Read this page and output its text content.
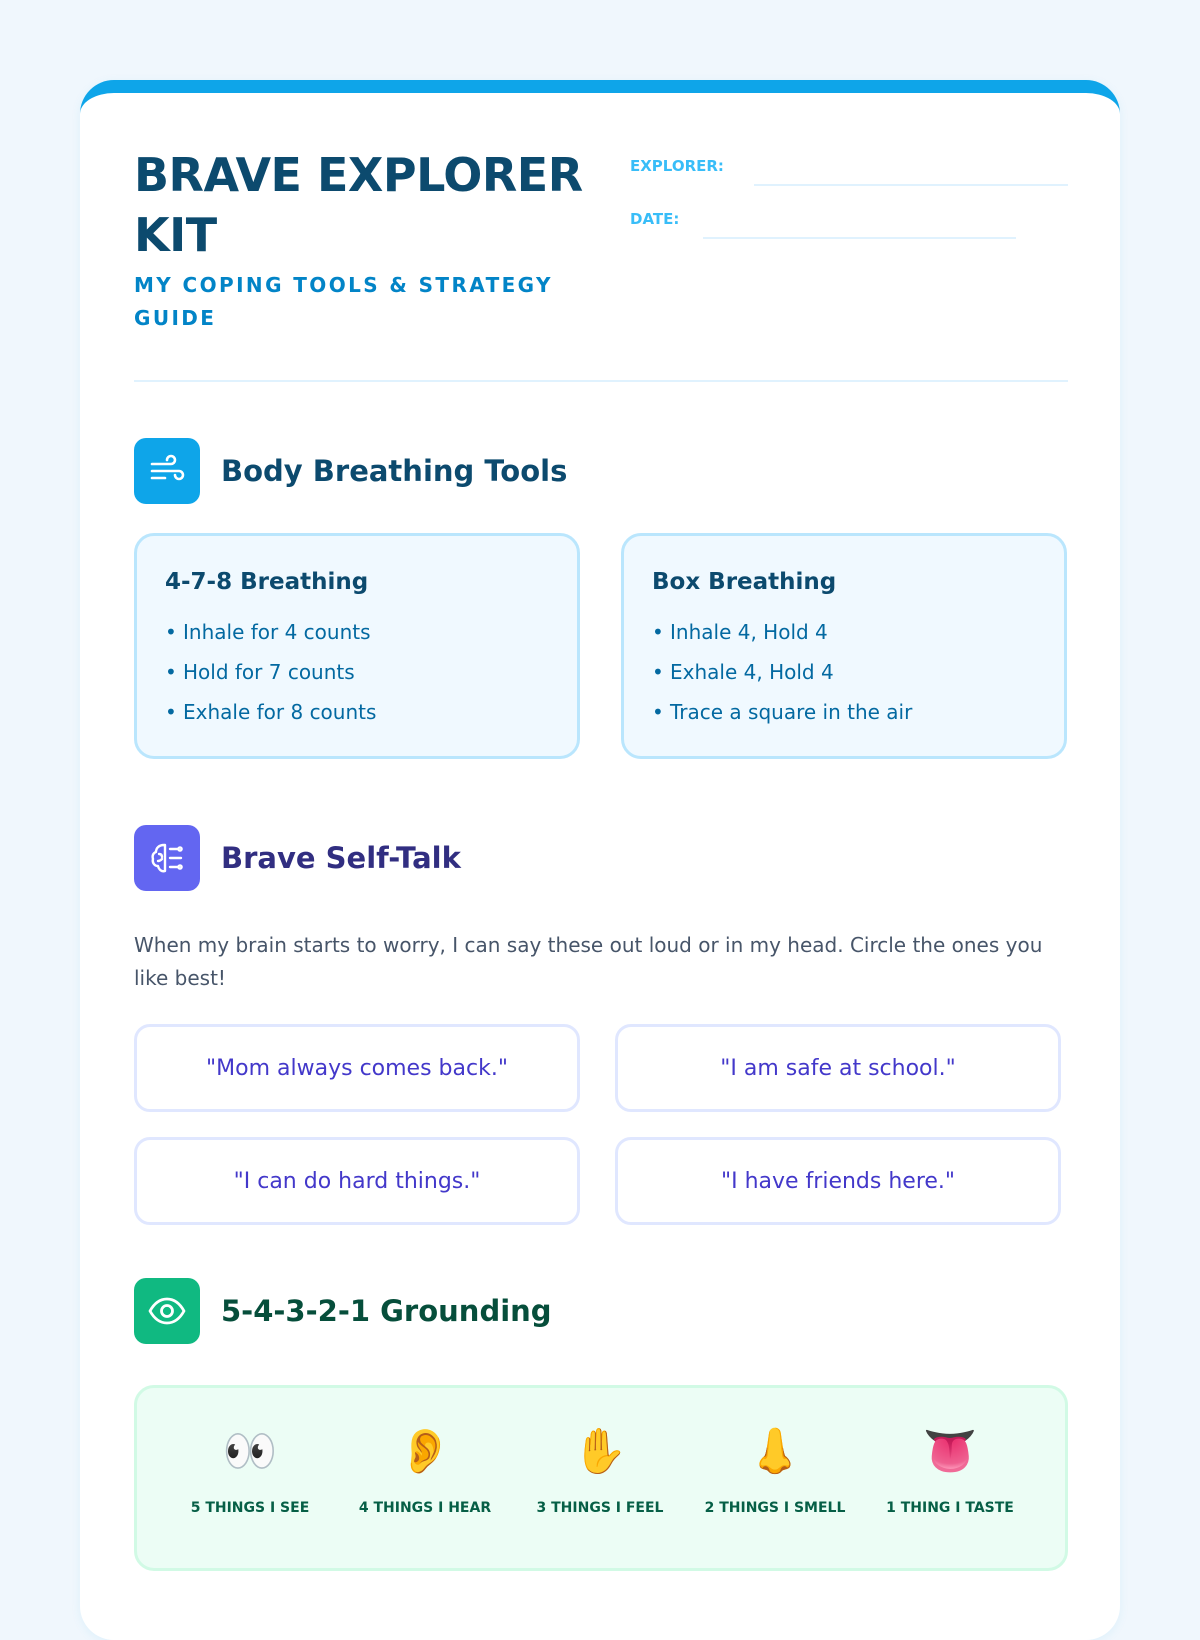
BRAVE EXPLORER KIT
MY COPING TOOLS & STRATEGY GUIDE
EXPLORER:
DATE:
Body Breathing Tools
4-7-8 Breathing
• Inhale for 4 counts
• Hold for 7 counts
• Exhale for 8 counts
Box Breathing
• Inhale 4, Hold 4
• Exhale 4, Hold 4
• Trace a square in the air
Brave Self-Talk

When my brain starts to worry, I can say these out loud or in my head. Circle the ones you like best!

"Mom always comes back."	"I am safe at school."
"I can do hard things."	"I have friends here."
5-4-3-2-1 Grounding
👀
5 THINGS I SEE
👂
4 THINGS I HEAR
✋
3 THINGS I FEEL
👃
2 THINGS I SMELL
👅
1 THING I TASTE
